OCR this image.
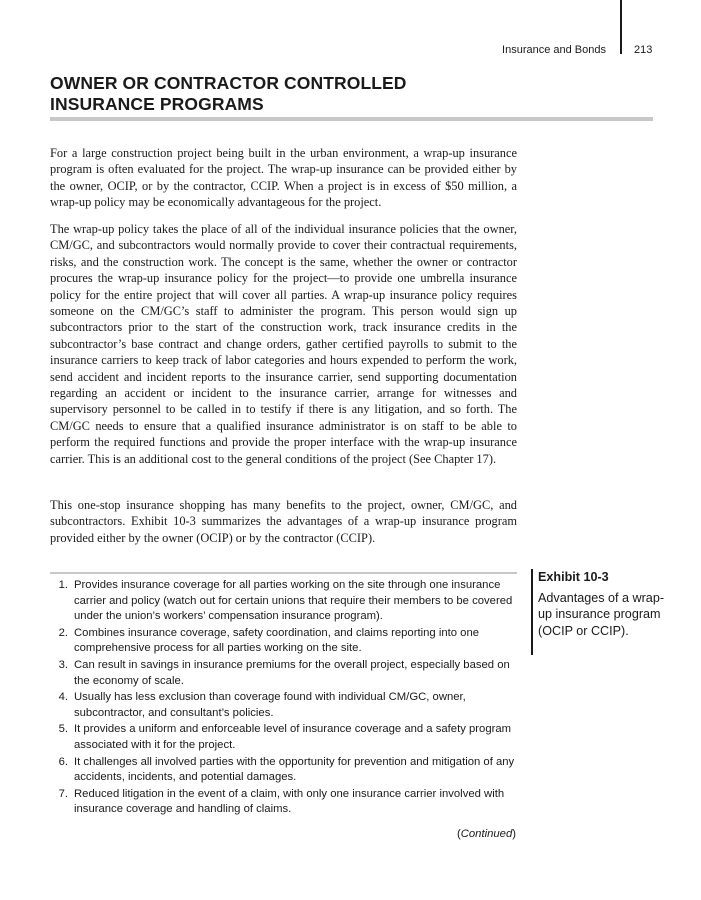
Insurance and Bonds	213
OWNER OR CONTRACTOR CONTROLLED
INSURANCE PROGRAMS

For a large construction project being built in the urban environment, a wrap-up insurance program is often evaluated for the project. The wrap-up insurance can be provided either by the owner, OCIP, or by the contractor, CCIP. When a project is in excess of $50 million, a wrap-up policy may be economically advantageous for the project.

The wrap-up policy takes the place of all of the individual insurance policies that the owner, CM/GC, and subcontractors would normally provide to cover their contractual requirements, risks, and the construction work. The concept is the same, whether the owner or contractor procures the wrap-up insurance policy for the project—to provide one umbrella insurance policy for the entire project that will cover all parties. A wrap-up insurance policy requires someone on the CM/GC’s staff to administer the program. This person would sign up subcontractors prior to the start of the construction work, track insurance credits in the subcontractor’s base contract and change orders, gather certified payrolls to submit to the insurance carriers to keep track of labor categories and hours expended to perform the work, send accident and incident reports to the insurance carrier, send supporting documentation regarding an accident or incident to the insurance carrier, arrange for witnesses and supervisory personnel to be called in to testify if there is any litigation, and so forth. The CM/GC needs to ensure that a qualified insurance administrator is on staff to be able to perform the required functions and provide the proper interface with the wrap-up insurance carrier. This is an additional cost to the general conditions of the project (See Chapter 17).

This one-stop insurance shopping has many benefits to the project, owner, CM/GC, and subcontractors. Exhibit 10-3 summarizes the advantages of a wrap-up insurance program provided either by the owner (OCIP) or by the contractor (CCIP).

1. Provides insurance coverage for all parties working on the site through one insurance carrier and policy (watch out for certain unions that require their members to be covered under the union’s workers’ compensation insurance program).
2. Combines insurance coverage, safety coordination, and claims reporting into one comprehensive process for all parties working on the site.
3. Can result in savings in insurance premiums for the overall project, especially based on the economy of scale.
4. Usually has less exclusion than coverage found with individual CM/GC, owner, subcontractor, and consultant’s policies.
5. It provides a uniform and enforceable level of insurance coverage and a safety program associated with it for the project.
6. It challenges all involved parties with the opportunity for prevention and mitigation of any accidents, incidents, and potential damages.
7. Reduced litigation in the event of a claim, with only one insurance carrier involved with insurance coverage and handling of claims.
(Continued)
Exhibit 10-3
Advantages of a wrap-up insurance program (OCIP or CCIP).
